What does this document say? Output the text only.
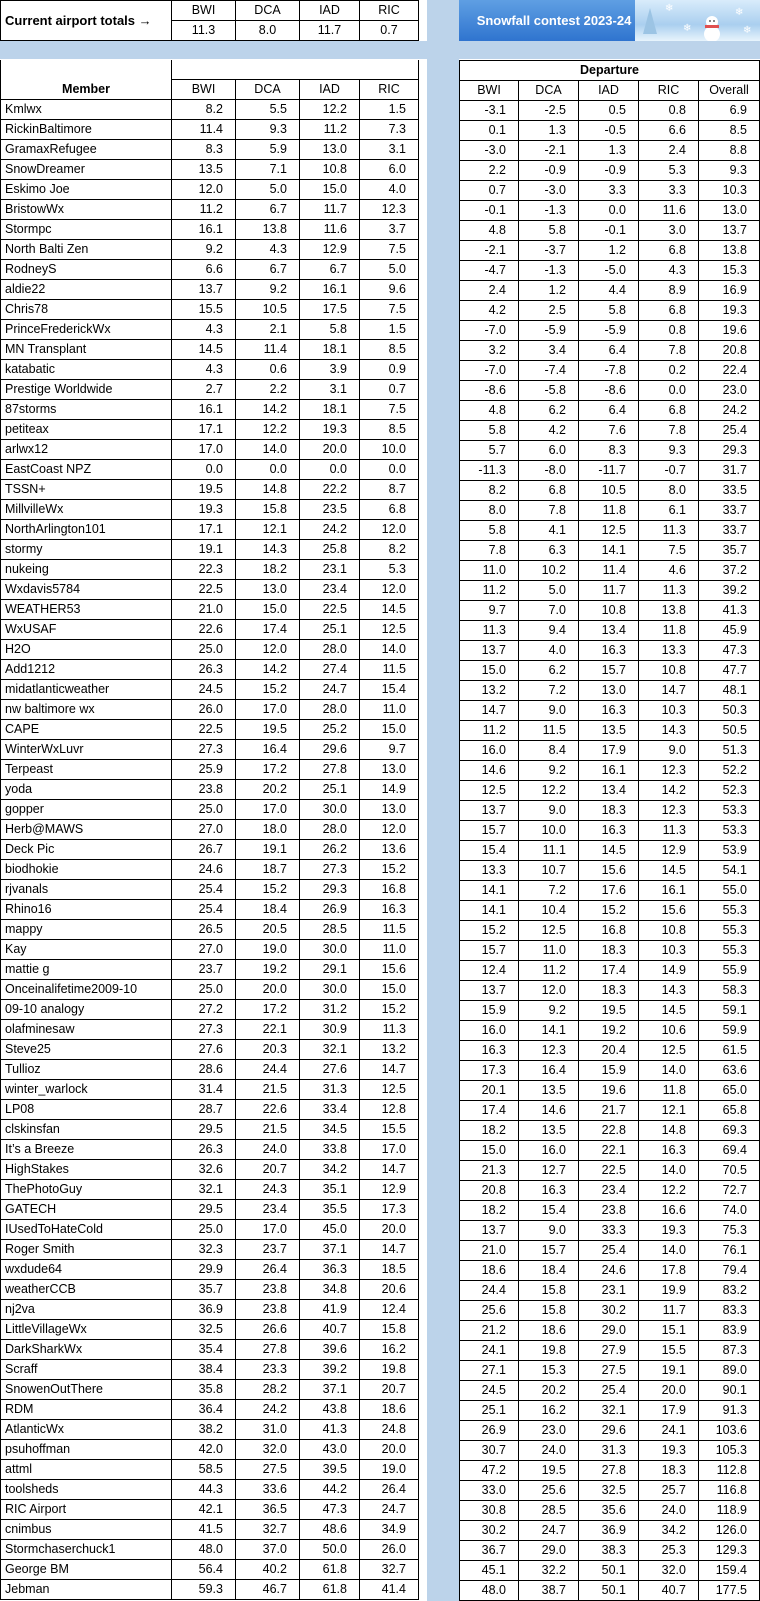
Current airport totals →	BWI	DCA	IAD	RIC
	11.3	8.0	11.7	0.7
Snowfall contest 2023-24
❄	❄
❄	❄

Member	BWI	DCA	IAD	RIC
Kmlwx	8.2	5.5	12.2	1.5
RickinBaltimore	11.4	9.3	11.2	7.3
GramaxRefugee	8.3	5.9	13.0	3.1
SnowDreamer	13.5	7.1	10.8	6.0
Eskimo Joe	12.0	5.0	15.0	4.0
BristowWx	11.2	6.7	11.7	12.3
Stormpc	16.1	13.8	11.6	3.7
North Balti Zen	9.2	4.3	12.9	7.5
RodneyS	6.6	6.7	6.7	5.0
aldie22	13.7	9.2	16.1	9.6
Chris78	15.5	10.5	17.5	7.5
PrinceFrederickWx	4.3	2.1	5.8	1.5
MN Transplant	14.5	11.4	18.1	8.5
katabatic	4.3	0.6	3.9	0.9
Prestige Worldwide	2.7	2.2	3.1	0.7
87storms	16.1	14.2	18.1	7.5
petiteax	17.1	12.2	19.3	8.5
arlwx12	17.0	14.0	20.0	10.0
EastCoast NPZ	0.0	0.0	0.0	0.0
TSSN+	19.5	14.8	22.2	8.7
MillvilleWx	19.3	15.8	23.5	6.8
NorthArlington101	17.1	12.1	24.2	12.0
stormy	19.1	14.3	25.8	8.2
nukeing	22.3	18.2	23.1	5.3
Wxdavis5784	22.5	13.0	23.4	12.0
WEATHER53	21.0	15.0	22.5	14.5
WxUSAF	22.6	17.4	25.1	12.5
H2O	25.0	12.0	28.0	14.0
Add1212	26.3	14.2	27.4	11.5
midatlanticweather	24.5	15.2	24.7	15.4
nw baltimore wx	26.0	17.0	28.0	11.0
CAPE	22.5	19.5	25.2	15.0
WinterWxLuvr	27.3	16.4	29.6	9.7
Terpeast	25.9	17.2	27.8	13.0
yoda	23.8	20.2	25.1	14.9
gopper	25.0	17.0	30.0	13.0
Herb@MAWS	27.0	18.0	28.0	12.0
Deck Pic	26.7	19.1	26.2	13.6
biodhokie	24.6	18.7	27.3	15.2
rjvanals	25.4	15.2	29.3	16.8
Rhino16	25.4	18.4	26.9	16.3
mappy	26.5	20.5	28.5	11.5
Kay	27.0	19.0	30.0	11.0
mattie g	23.7	19.2	29.1	15.6
Onceinalifetime2009-10	25.0	20.0	30.0	15.0
09-10 analogy	27.2	17.2	31.2	15.2
olafminesaw	27.3	22.1	30.9	11.3
Steve25	27.6	20.3	32.1	13.2
Tullioz	28.6	24.4	27.6	14.7
winter_warlock	31.4	21.5	31.3	12.5
LP08	28.7	22.6	33.4	12.8
clskinsfan	29.5	21.5	34.5	15.5
It’s a Breeze	26.3	24.0	33.8	17.0
HighStakes	32.6	20.7	34.2	14.7
ThePhotoGuy	32.1	24.3	35.1	12.9
GATECH	29.5	23.4	35.5	17.3
IUsedToHateCold	25.0	17.0	45.0	20.0
Roger Smith	32.3	23.7	37.1	14.7
wxdude64	29.9	26.4	36.3	18.5
weatherCCB	35.7	23.8	34.8	20.6
nj2va	36.9	23.8	41.9	12.4
LittleVillageWx	32.5	26.6	40.7	15.8
DarkSharkWx	35.4	27.8	39.6	16.2
Scraff	38.4	23.3	39.2	19.8
SnowenOutThere	35.8	28.2	37.1	20.7
RDM	36.4	24.2	43.8	18.6
AtlanticWx	38.2	31.0	41.3	24.8
psuhoffman	42.0	32.0	43.0	20.0
attml	58.5	27.5	39.5	19.0
toolsheds	44.3	33.6	44.2	26.4
RIC Airport	42.1	36.5	47.3	24.7
cnimbus	41.5	32.7	48.6	34.9
Stormchaserchuck1	48.0	37.0	50.0	26.0
George BM	56.4	40.2	61.8	32.7
Jebman	59.3	46.7	61.8	41.4
Departure				
BWI	DCA	IAD	RIC	Overall
-3.1	-2.5	0.5	0.8	6.9
0.1	1.3	-0.5	6.6	8.5
-3.0	-2.1	1.3	2.4	8.8
2.2	-0.9	-0.9	5.3	9.3
0.7	-3.0	3.3	3.3	10.3
-0.1	-1.3	0.0	11.6	13.0
4.8	5.8	-0.1	3.0	13.7
-2.1	-3.7	1.2	6.8	13.8
-4.7	-1.3	-5.0	4.3	15.3
2.4	1.2	4.4	8.9	16.9
4.2	2.5	5.8	6.8	19.3
-7.0	-5.9	-5.9	0.8	19.6
3.2	3.4	6.4	7.8	20.8
-7.0	-7.4	-7.8	0.2	22.4
-8.6	-5.8	-8.6	0.0	23.0
4.8	6.2	6.4	6.8	24.2
5.8	4.2	7.6	7.8	25.4
5.7	6.0	8.3	9.3	29.3
-11.3	-8.0	-11.7	-0.7	31.7
8.2	6.8	10.5	8.0	33.5
8.0	7.8	11.8	6.1	33.7
5.8	4.1	12.5	11.3	33.7
7.8	6.3	14.1	7.5	35.7
11.0	10.2	11.4	4.6	37.2
11.2	5.0	11.7	11.3	39.2
9.7	7.0	10.8	13.8	41.3
11.3	9.4	13.4	11.8	45.9
13.7	4.0	16.3	13.3	47.3
15.0	6.2	15.7	10.8	47.7
13.2	7.2	13.0	14.7	48.1
14.7	9.0	16.3	10.3	50.3
11.2	11.5	13.5	14.3	50.5
16.0	8.4	17.9	9.0	51.3
14.6	9.2	16.1	12.3	52.2
12.5	12.2	13.4	14.2	52.3
13.7	9.0	18.3	12.3	53.3
15.7	10.0	16.3	11.3	53.3
15.4	11.1	14.5	12.9	53.9
13.3	10.7	15.6	14.5	54.1
14.1	7.2	17.6	16.1	55.0
14.1	10.4	15.2	15.6	55.3
15.2	12.5	16.8	10.8	55.3
15.7	11.0	18.3	10.3	55.3
12.4	11.2	17.4	14.9	55.9
13.7	12.0	18.3	14.3	58.3
15.9	9.2	19.5	14.5	59.1
16.0	14.1	19.2	10.6	59.9
16.3	12.3	20.4	12.5	61.5
17.3	16.4	15.9	14.0	63.6
20.1	13.5	19.6	11.8	65.0
17.4	14.6	21.7	12.1	65.8
18.2	13.5	22.8	14.8	69.3
15.0	16.0	22.1	16.3	69.4
21.3	12.7	22.5	14.0	70.5
20.8	16.3	23.4	12.2	72.7
18.2	15.4	23.8	16.6	74.0
13.7	9.0	33.3	19.3	75.3
21.0	15.7	25.4	14.0	76.1
18.6	18.4	24.6	17.8	79.4
24.4	15.8	23.1	19.9	83.2
25.6	15.8	30.2	11.7	83.3
21.2	18.6	29.0	15.1	83.9
24.1	19.8	27.9	15.5	87.3
27.1	15.3	27.5	19.1	89.0
24.5	20.2	25.4	20.0	90.1
25.1	16.2	32.1	17.9	91.3
26.9	23.0	29.6	24.1	103.6
30.7	24.0	31.3	19.3	105.3
47.2	19.5	27.8	18.3	112.8
33.0	25.6	32.5	25.7	116.8
30.8	28.5	35.6	24.0	118.9
30.2	24.7	36.9	34.2	126.0
36.7	29.0	38.3	25.3	129.3
45.1	32.2	50.1	32.0	159.4
48.0	38.7	50.1	40.7	177.5
